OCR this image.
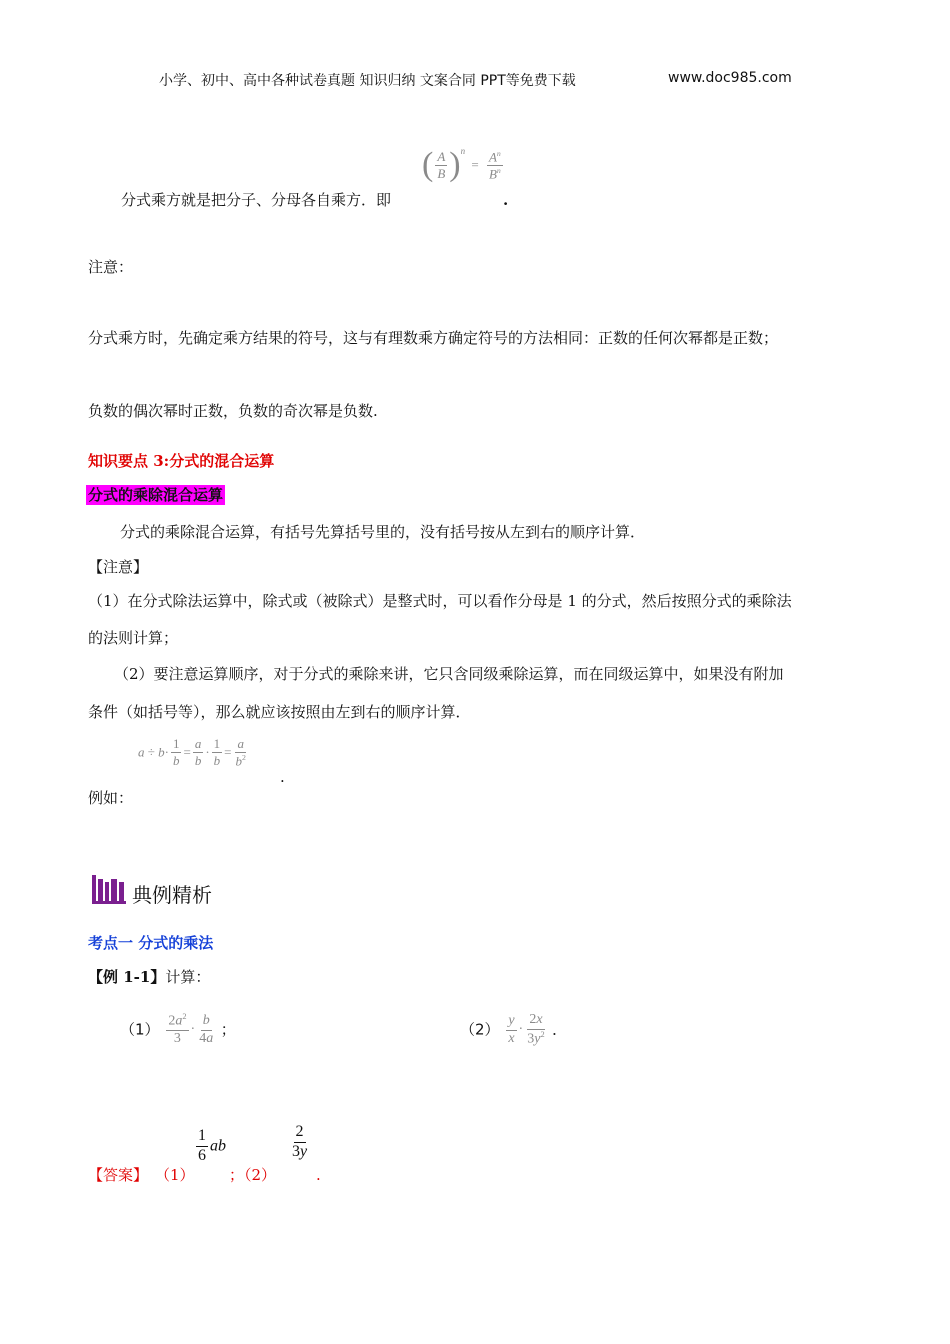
小学、初中、高中各种试卷真题 知识归纳 文案合同 PPT等免费下载	www.doc985.com
( $\frac{A}{B} )^n = \frac{A^n}{B^n}$
分式乘方就是把分子、分母各自乘方．即	.
注意：
分式乘方时，先确定乘方结果的符号，这与有理数乘方确定符号的方法相同：正数的任何次幂都是正数；
负数的偶次幂时正数，负数的奇次幂是负数.
知识要点 3:分式的混合运算
分式的乘除混合运算
分式的乘除混合运算，有括号先算括号里的，没有括号按从左到右的顺序计算．
【注意】
（1）在分式除法运算中，除式或（被除式）是整式时，可以看作分母是 1 的分式，然后按照分式的乘除法
的法则计算；
（2）要注意运算顺序，对于分式的乘除来讲，它只含同级乘除运算，而在同级运算中，如果没有附加
条件（如括号等），那么就应该按照由左到右的顺序计算．
$a \div b\cdot \frac{1}{b} = \frac{a}{b} \cdot \frac{1}{b} = \frac{a}{b^2}$
.
例如：
典例精析
考点一 分式的乘法
【例 1-1】计算：
$(1) \frac{2a^2}{3} \cdot \frac{b}{4a}$ ；	$(2) \frac{y}{x} \cdot \frac{2x}{3y^2}$ ．
$\frac{1}{6}$ ab	$\frac{2}{3y}$
【答案】 （1） ；（2）	.
